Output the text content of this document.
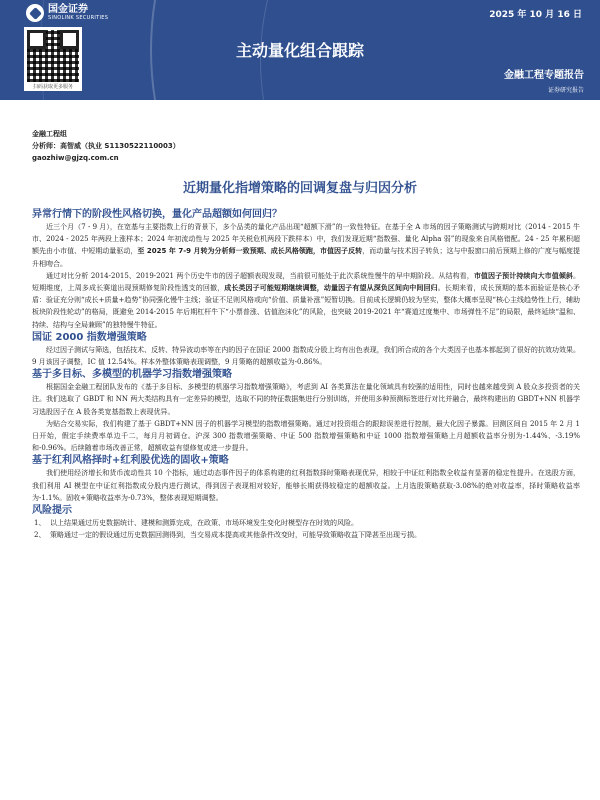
国金证券
SINOLINK SECURITIES
扫码获取更多服务
2025 年 10 月 16 日
主动量化组合跟踪
金融工程专题报告
证券研究报告
金融工程组
分析师：高智威（执业 S1130522110003）
gaozhiw@gjzq.com.cn
近期量化指增策略的回调复盘与归因分析
异常行情下的阶段性风格切换，量化产品超额如何回归？
近三个月（7 - 9 月），在宽基与主要指数上行的背景下，多个品类的量化产品出现“超额下滑”的一致性特征。在基于全 A 市场的因子策略测试与跨期对比（2014 - 2015 牛市、2024 - 2025 年两段上涨样本；2024 年初流动性与 2025 年关税危机两段下跌样本）中，我们发现近期“指数强、量化 Alpha 弱”的现象来自风格错配。24 - 25 年累积超额先由小市值、中短期动量驱动，至 2025 年 7-9 月转为分析师一致预期、成长风格领跑，市值因子反转，而动量与技术因子转负；这与中报窗口前后预期上修的广度与幅度提升相吻合。
通过对比分析 2014-2015、2019-2021 两个历史牛市的因子超额表现发现，当前很可能处于此次系统性慢牛的早中期阶段。从结构看，市值因子预计持续向大市值倾斜。短期维度，上周多成长赛道出现预期修复阶段性透支的回撤，成长类因子可能短期继续调整，动量因子有望从深负区间向中间回归。长期来看，成长预期的基本面验证是核心矛盾：验证充分则“成长+质量+趋势”协同强化慢牛主线；验证不足则风格或向“价值、质量补涨”短暂切换。目前成长逻辑仍较为坚实，整体大概率呈现“核心主线趋势性上行，辅助板块阶段性轮动”的格局，既避免 2014-2015 年后期杠杆牛下“小票普涨、估值泡沫化”的风险，也突破 2019-2021 年“赛道过度集中、市场弹性不足”的局限，最终延续“温和、持续、结构与全局兼顾”的独特慢牛特征。
国证 2000 指数增强策略
经过因子测试与筛选，包括技术、反转、特异波动率等在内的因子在国证 2000 指数成分股上均有出色表现，我们所合成的各个大类因子也基本都起到了很好的抗效功效果。9 月该因子调整，IC 值 12.54%。样本外整体策略表现调整，9 月策略的超额收益为-0.86%。
基于多目标、多模型的机器学习指数增强策略
根据国金金融工程团队发布的《基于多目标、多模型的机器学习指数增强策略》，考虑到 AI 各类算法在量化领域具有较强的适用性，同时也越来越受到 A 股众多投资者的关注。我们选取了 GBDT 和 NN 两大类结构具有一定差异的模型，选取不同的特征数据集进行分别训练，并使用多种预测标签进行对比并融合，最终构建出的 GBDT+NN 机器学习选股因子在 A 股各类宽基指数上表现优异。
为贴合交易实际，我们构建了基于 GBDT+NN 因子的机器学习模型的指数增强策略。通过对投资组合的跟踪误差进行控制，最大化因子暴露。回测区间自 2015 年 2 月 1 日开始，假定手续费率单边千二，每月月初调仓。沪深 300 指数增强策略、中证 500 指数增强策略和中证 1000 指数增强策略上月超额收益率分别为-1.44%、-3.19%和-0.96%。后续随着市场改善正常，超额收益有望修复或进一步提升。
基于红利风格择时+红利股优选的固收+策略
我们使用经济增长和货币流动性共 10 个指标，通过动态事件因子的体系构建的红利指数择时策略表现优异，相较于中证红利指数全收益有显著的稳定性提升。在选股方面，我们利用 AI 模型在中证红利指数成分股内进行测试，得到因子表现相对较好，能够长期获得较稳定的超额收益。上月选股策略获取-3.08%的绝对收益率，择时策略收益率为-1.1%。固收+策略收益率为-0.73%，整体表现短期调整。
风险提示
1、 以上结果通过历史数据统计、建模和测算完成，在政策、市场环境发生变化时模型存在时效的风险。
2、 策略通过一定的假设通过历史数据回测得到，当交易成本提高或其他条件改变时，可能导致策略收益下降甚至出现亏损。
